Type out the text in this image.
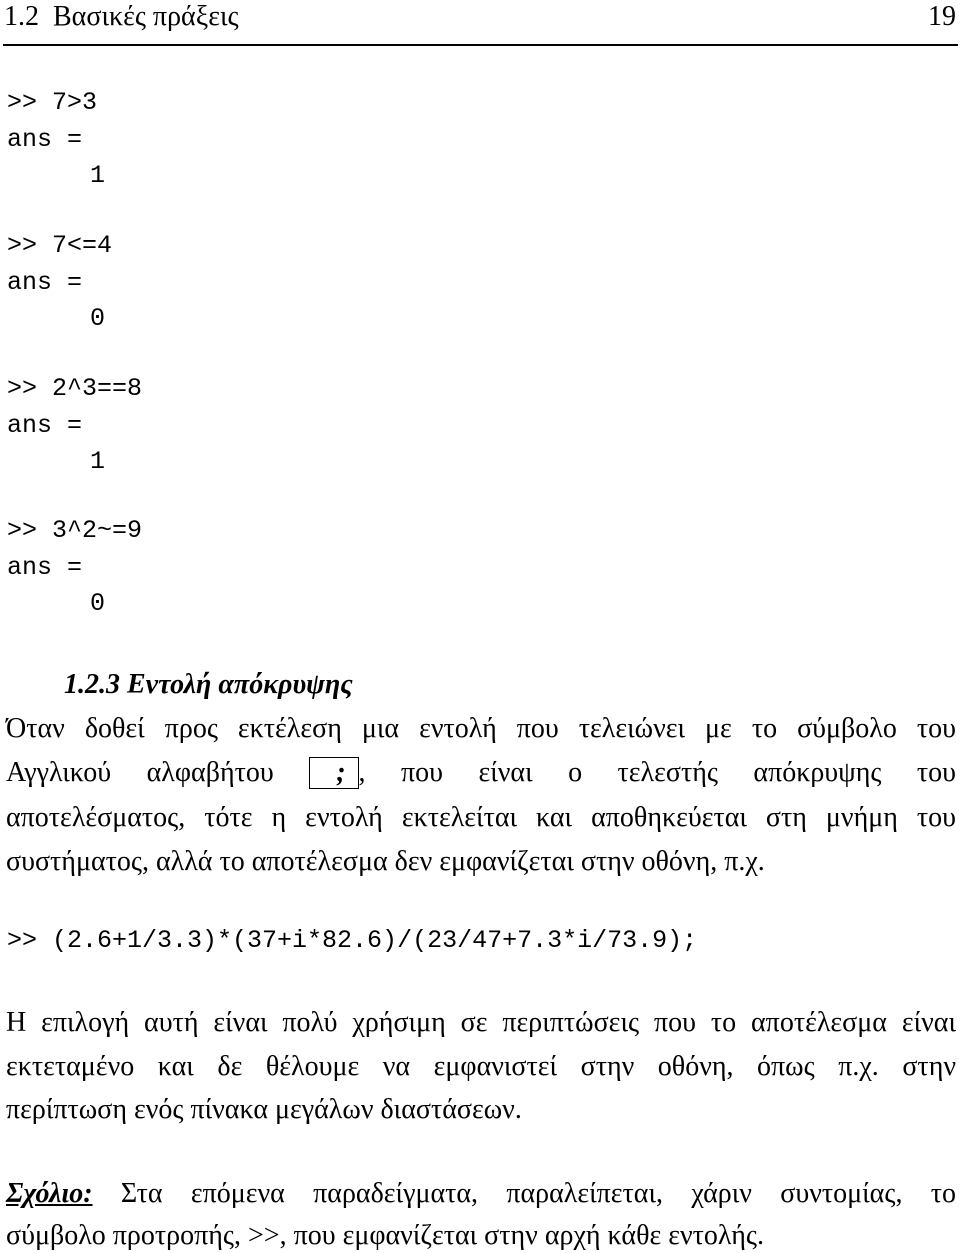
1.2  Βασικές πράξεις	19
>> 7>3
ans =
1
>> 7<=4
ans =
0
>> 2^3==8
ans =
1
>> 3^2~=9
ans =
0
1.2.3 Εντολή απόκρυψης
Όταν δοθεί προς εκτέλεση μια εντολή που τελειώνει με το σύμβολο του
Αγγλικού αλφαβήτου ; , που είναι ο τελεστής απόκρυψης του
αποτελέσματος, τότε η εντολή εκτελείται και αποθηκεύεται στη μνήμη του
συστήματος, αλλά το αποτέλεσμα δεν εμφανίζεται στην οθόνη, π.χ.
>> (2.6+1/3.3)*(37+i*82.6)/(23/47+7.3*i/73.9);
Η επιλογή αυτή είναι πολύ χρήσιμη σε περιπτώσεις που το αποτέλεσμα είναι
εκτεταμένο και δε θέλουμε να εμφανιστεί στην οθόνη, όπως π.χ. στην
περίπτωση ενός πίνακα μεγάλων διαστάσεων.
Σχόλιο: Στα επόμενα παραδείγματα, παραλείπεται, χάριν συντομίας, το
σύμβολο προτροπής, >>, που εμφανίζεται στην αρχή κάθε εντολής.
